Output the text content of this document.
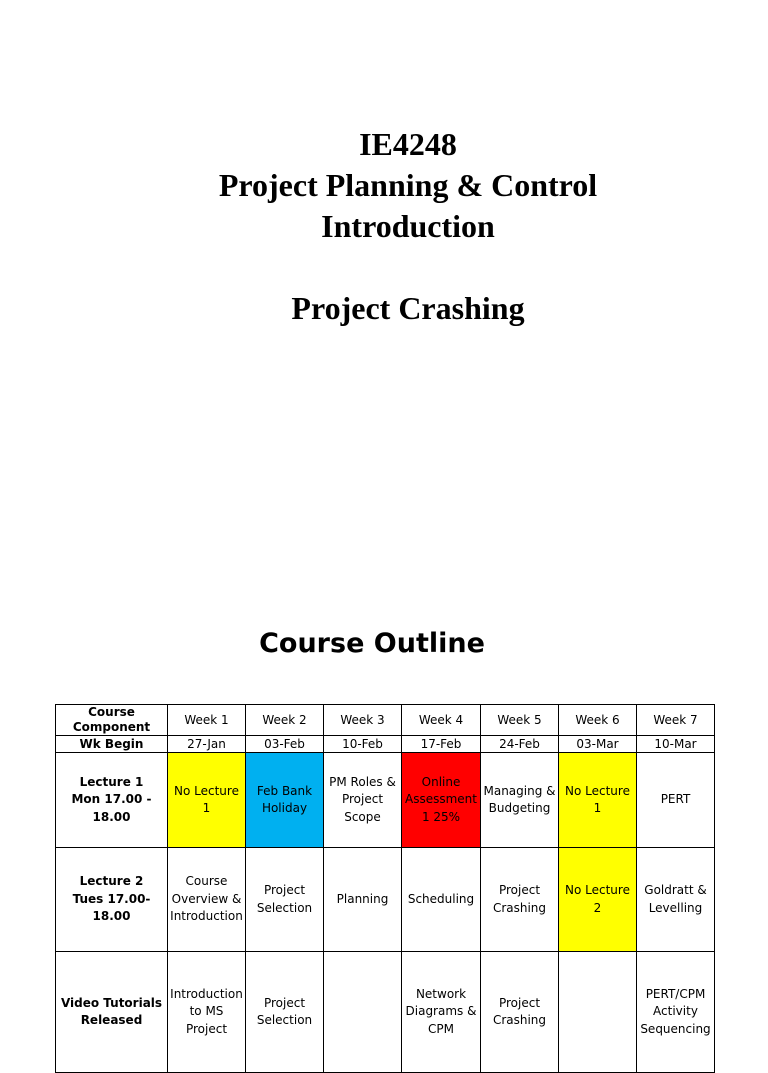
IE4248
Project Planning & Control
Introduction
Project Crashing
Course Outline
Course Component	Week 1	Week 2	Week 3	Week 4	Week 5	Week 6	Week 7
Wk Begin	27-Jan	03-Feb	10-Feb	17-Feb	24-Feb	03-Mar	10-Mar

Lecture 1
Mon 17.00 - 18.00	No Lecture 1	Feb Bank Holiday	PM Roles & Project Scope	Online Assessment 1 25%	Managing & Budgeting	No Lecture 1	PERT

Lecture 2
Tues 17.00-18.00	Course Overview & Introduction	Project Selection	Planning	Scheduling	Project Crashing	No Lecture 2	Goldratt & Levelling

Video Tutorials
Released	Introduction to MS Project	Project Selection		Network Diagrams & CPM	Project Crashing		PERT/CPM Activity Sequencing
